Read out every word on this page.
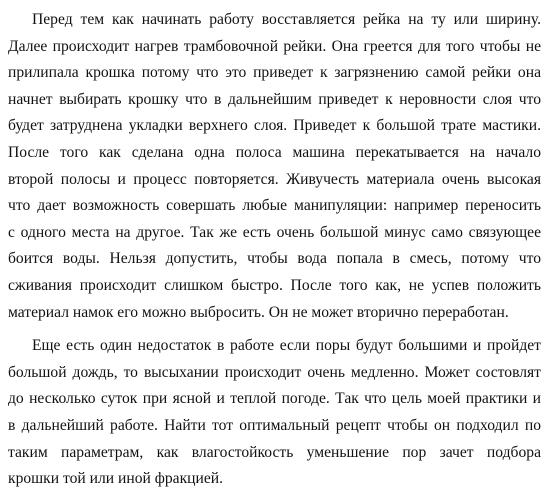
Перед тем как начинать работу восставляется рейка на ту или ширину.
Далее происходит нагрев трамбовочной рейки. Она греется для того чтобы не
прилипала крошка потому что это приведет к загрязнению самой рейки она
начнет выбирать крошку что в дальнейшим приведет к неровности слоя что
будет затруднена укладки верхнего слоя. Приведет к большой трате мастики.
После того как сделана одна полоса машина перекатывается на начало
второй полосы и процесс повторяется. Живучесть материала очень высокая
что дает возможность совершать любые манипуляции: например переносить
с одного места на другое. Так же есть очень большой минус само связующее
боится воды. Нельзя допустить, чтобы вода попала в смесь, потому что
сживания происходит слишком быстро. После того как, не успев положить
материал намок его можно выбросить. Он не может вторично переработан.
Еще есть один недостаток в работе если поры будут большими и пройдет
большой дождь, то высыхании происходит очень медленно. Может состовлят
до несколько суток при ясной и теплой погоде. Так что цель моей практики и
в дальнейший работе. Найти тот оптимальный рецепт чтобы он подходил по
таким параметрам, как влагостойкость уменьшение пор зачет подбора
крошки той или иной фракцией.
